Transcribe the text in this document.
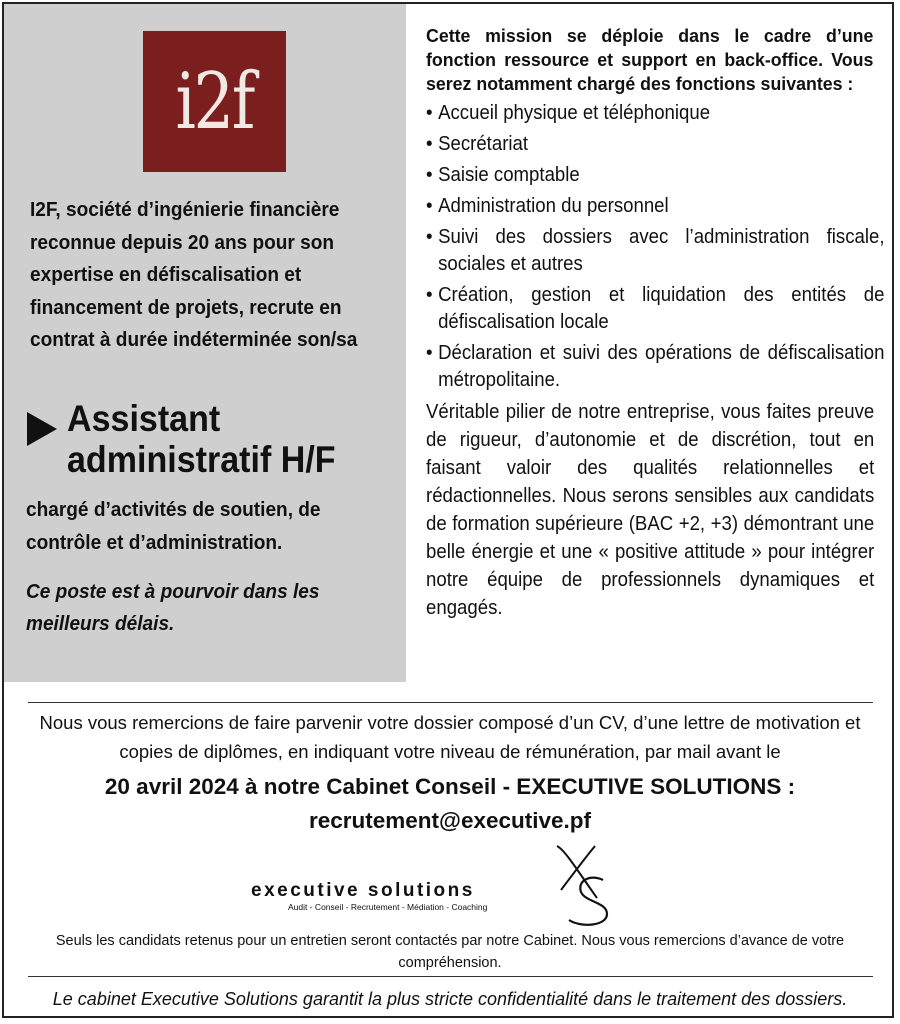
i2f

I2F, société d’ingénierie financière reconnue depuis 20 ans pour son expertise en défiscalisation et financement de projets, recrute en contrat à durée indéterminée son/sa

Assistant administratif H/F

chargé d’activités de soutien, de contrôle et d’administration.

Ce poste est à pourvoir dans les meilleurs délais.

Cette mission se déploie dans le cadre d’une fonction ressource et support en back-office. Vous serez notamment chargé des fonctions suivantes :

• Accueil physique et téléphonique
• Secrétariat
• Saisie comptable
• Administration du personnel
• Suivi des dossiers avec l’administration fiscale, sociales et autres
• Création, gestion et liquidation des entités de défiscalisation locale
• Déclaration et suivi des opérations de défiscalisation métropolitaine.

Véritable pilier de notre entreprise, vous faites preuve de rigueur, d’autonomie et de discrétion, tout en faisant valoir des qualités relationnelles et rédactionnelles. Nous serons sensibles aux candidats de formation supérieure (BAC +2, +3) démontrant une belle énergie et une « positive attitude » pour intégrer notre équipe de professionnels dynamiques et engagés.

Nous vous remercions de faire parvenir votre dossier composé d’un CV, d’une lettre de motivation et copies de diplômes, en indiquant votre niveau de rémunération, par mail avant le

20 avril 2024 à notre Cabinet Conseil - EXECUTIVE SOLUTIONS :

recrutement@executive.pf

executive solutions
Audit - Conseil - Recrutement - Médiation - Coaching

Seuls les candidats retenus pour un entretien seront contactés par notre Cabinet. Nous vous remercions d’avance de votre compréhension.

Le cabinet Executive Solutions garantit la plus stricte confidentialité dans le traitement des dossiers.
